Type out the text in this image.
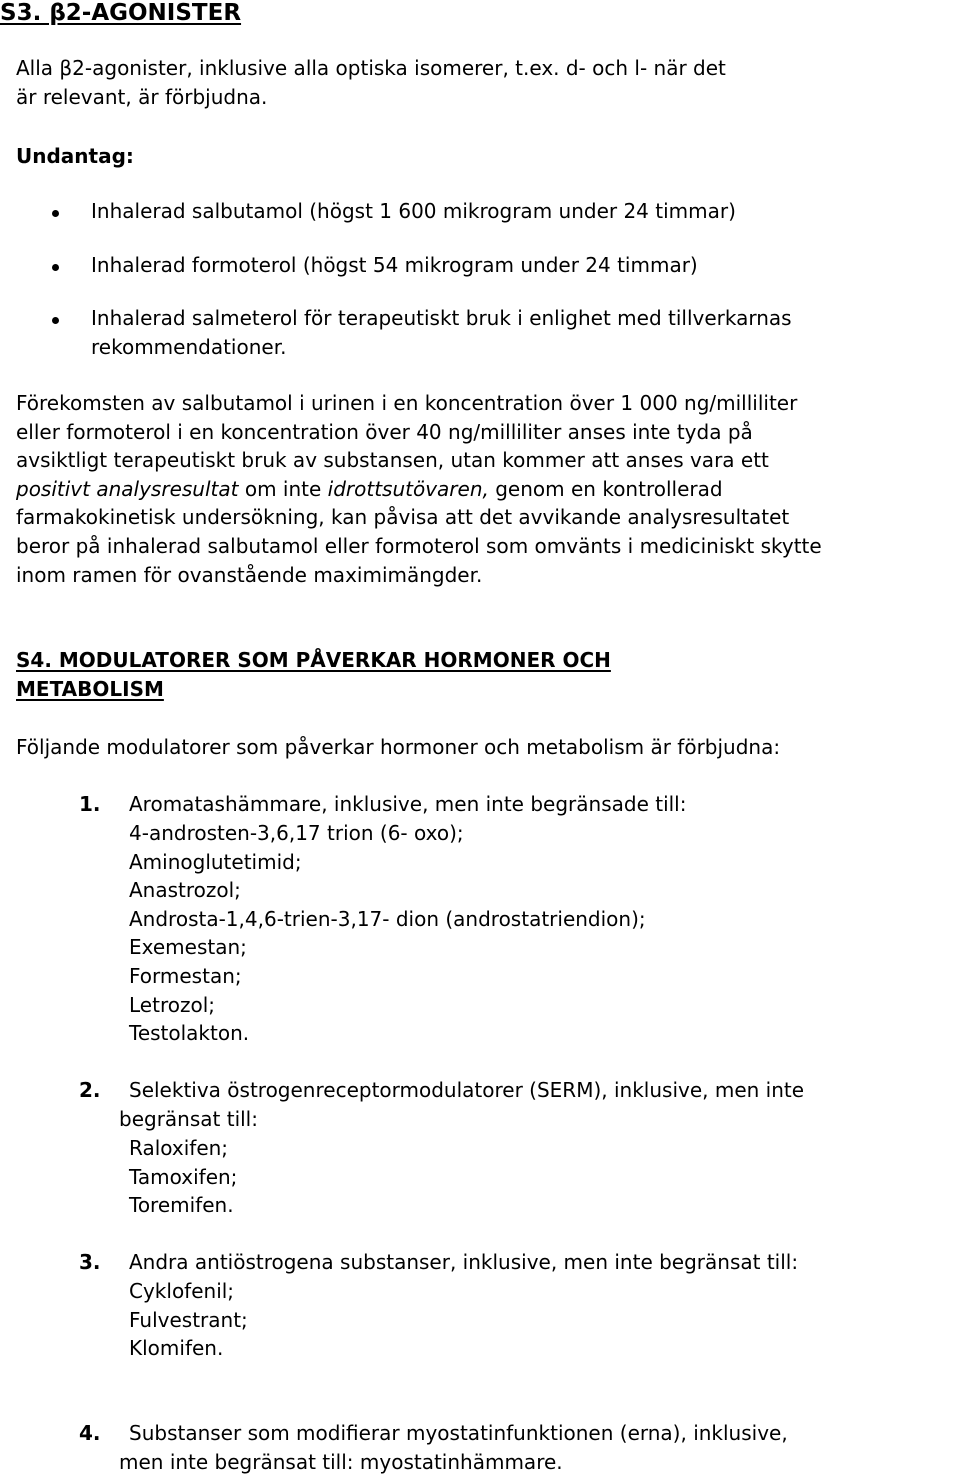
S3. β2-AGONISTER
Alla β2-agonister, inklusive alla optiska isomerer, t.ex. d- och l- när det
är relevant, är förbjudna.
Undantag:
Inhalerad salbutamol (högst 1 600 mikrogram under 24 timmar)
Inhalerad formoterol (högst 54 mikrogram under 24 timmar)
Inhalerad salmeterol för terapeutiskt bruk i enlighet med tillverkarnas
rekommendationer.
Förekomsten av salbutamol i urinen i en koncentration över 1 000 ng/milliliter
eller formoterol i en koncentration över 40 ng/milliliter anses inte tyda på
avsiktligt terapeutiskt bruk av substansen, utan kommer att anses vara ett
positivt analysresultat om inte idrottsutövaren, genom en kontrollerad
farmakokinetisk undersökning, kan påvisa att det avvikande analysresultatet
beror på inhalerad salbutamol eller formoterol som omvänts i mediciniskt skytte
inom ramen för ovanstående maximimängder.
S4. MODULATORER SOM PÅVERKAR HORMONER OCH
METABOLISM
Följande modulatorer som påverkar hormoner och metabolism är förbjudna:
1. Aromatashämmare, inklusive, men inte begränsade till:
4-androsten-3,6,17 trion (6- oxo);
Aminoglutetimid;
Anastrozol;
Androsta-1,4,6-trien-3,17- dion (androstatriendion);
Exemestan;
Formestan;
Letrozol;
Testolakton.
2. Selektiva östrogenreceptormodulatorer (SERM), inklusive, men inte
begränsat till:
Raloxifen;
Tamoxifen;
Toremifen.
3. Andra antiöstrogena substanser, inklusive, men inte begränsat till:
Cyklofenil;
Fulvestrant;
Klomifen.
4. Substanser som modifierar myostatinfunktionen (erna), inklusive,
men inte begränsat till: myostatinhämmare.
